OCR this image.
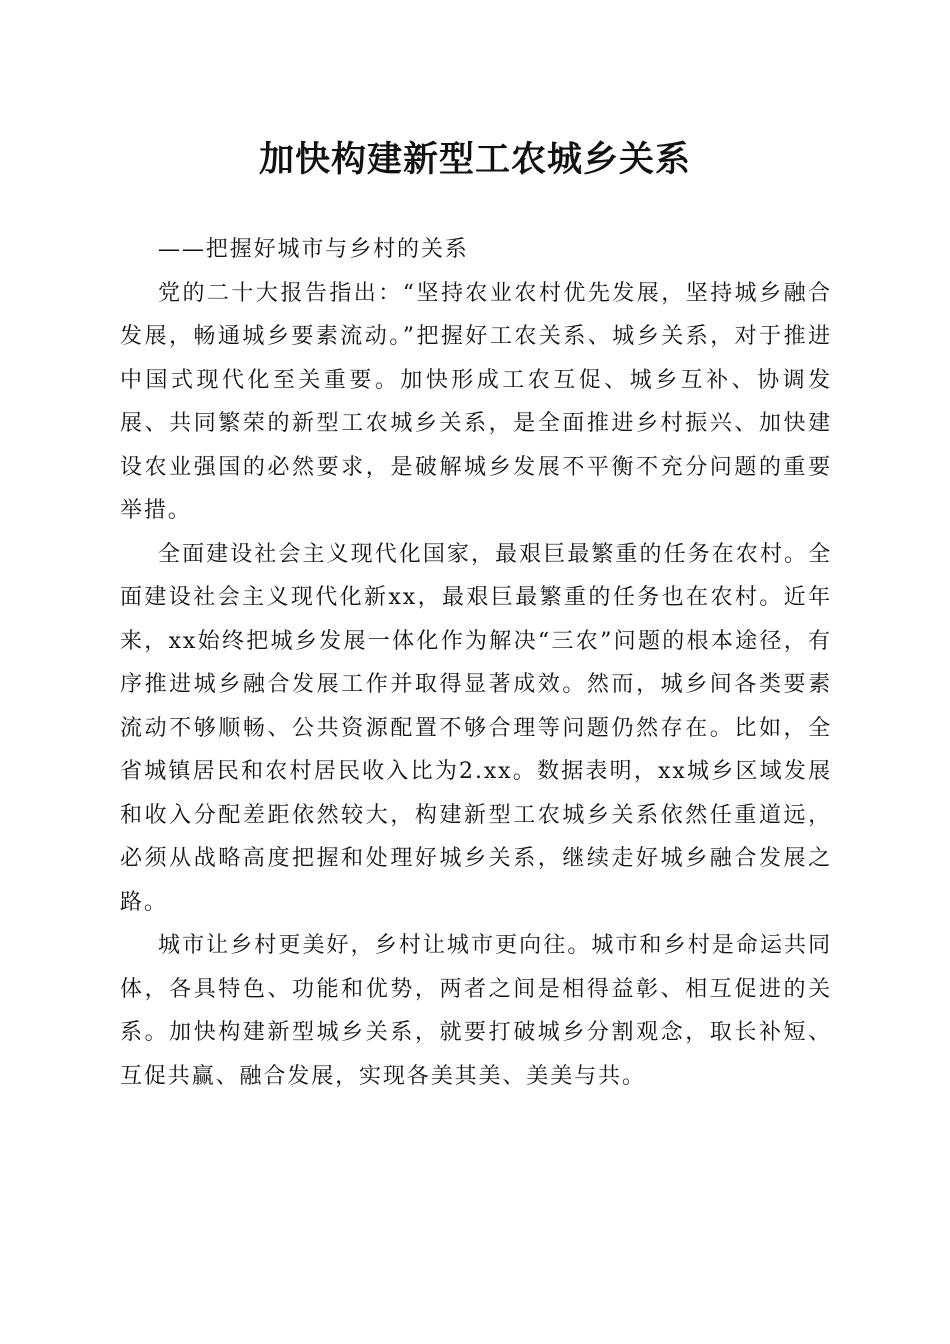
加快构建新型工农城乡关系

——把握好城市与乡村的关系

党的二十大报告指出：“坚持农业农村优先发展，坚持城乡融合发展，畅通城乡要素流动。”把握好工农关系、城乡关系，对于推进中国式现代化至关重要。加快形成工农互促、城乡互补、协调发展、共同繁荣的新型工农城乡关系，是全面推进乡村振兴、加快建设农业强国的必然要求，是破解城乡发展不平衡不充分问题的重要举措。

全面建设社会主义现代化国家，最艰巨最繁重的任务在农村。全面建设社会主义现代化新xx，最艰巨最繁重的任务也在农村。近年来，xx始终把城乡发展一体化作为解决“三农”问题的根本途径，有序推进城乡融合发展工作并取得显著成效。然而，城乡间各类要素流动不够顺畅、公共资源配置不够合理等问题仍然存在。比如，全省城镇居民和农村居民收入比为2.xx。数据表明，xx城乡区域发展和收入分配差距依然较大，构建新型工农城乡关系依然任重道远，必须从战略高度把握和处理好城乡关系，继续走好城乡融合发展之路。

城市让乡村更美好，乡村让城市更向往。城市和乡村是命运共同体，各具特色、功能和优势，两者之间是相得益彰、相互促进的关系。加快构建新型城乡关系，就要打破城乡分割观念，取长补短、互促共赢、融合发展，实现各美其美、美美与共。
